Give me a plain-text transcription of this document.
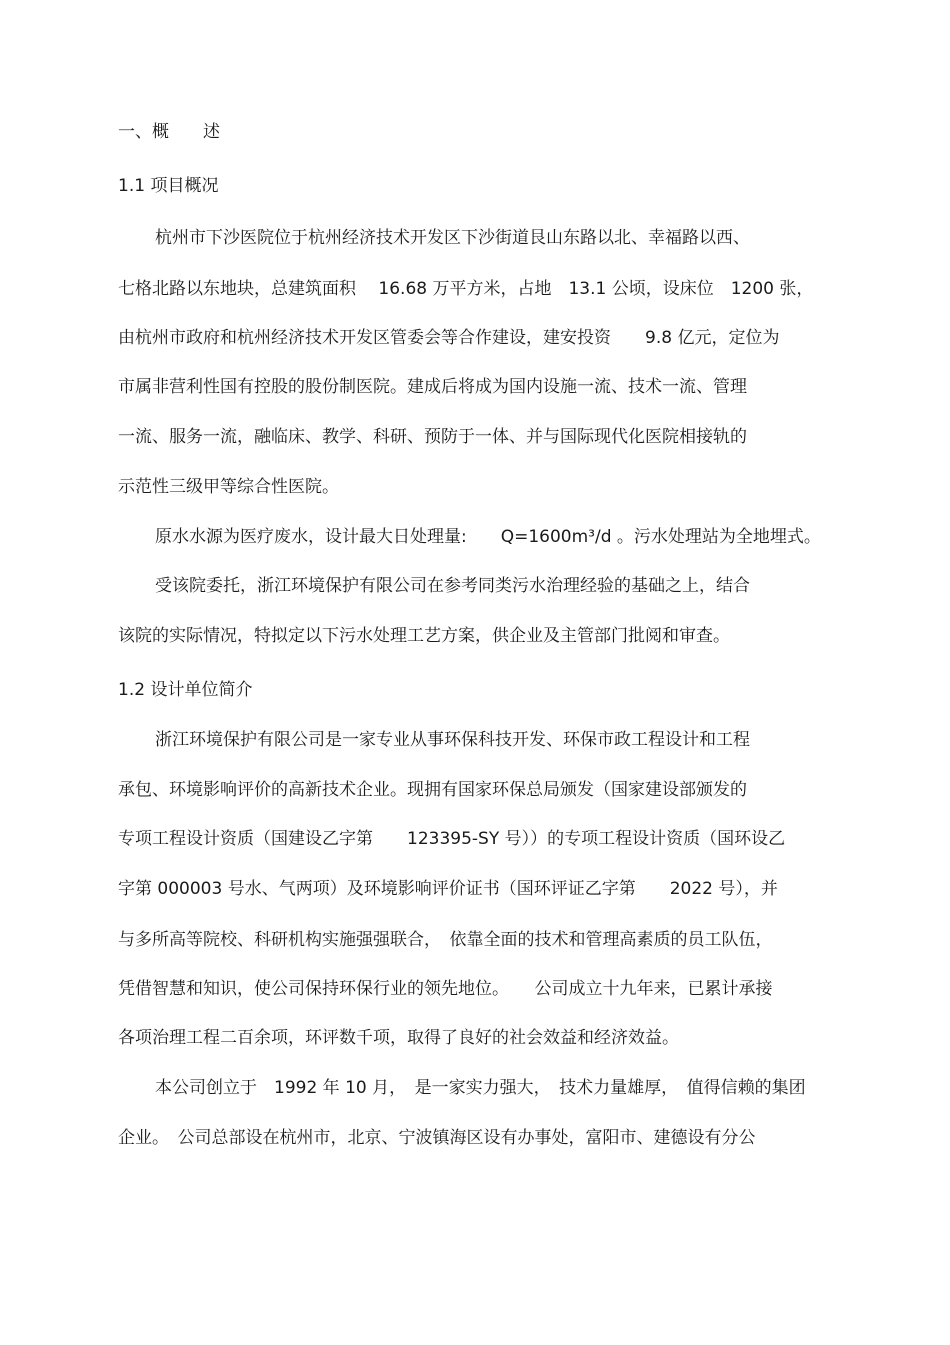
一、概　　述

1.1 项目概况

杭州市下沙医院位于杭州经济技术开发区下沙街道艮山东路以北、幸福路以西、

七格北路以东地块，总建筑面积　 16.68 万平方米，占地　13.1 公顷，设床位　1200 张，

由杭州市政府和杭州经济技术开发区管委会等合作建设，建安投资　　9.8 亿元，定位为

市属非营利性国有控股的股份制医院。建成后将成为国内设施一流、技术一流、管理

一流、服务一流，融临床、教学、科研、预防于一体、并与国际现代化医院相接轨的

示范性三级甲等综合性医院。

原水水源为医疗废水，设计最大日处理量:　　Q=1600m³/d 。污水处理站为全地埋式。

受该院委托，浙江环境保护有限公司在参考同类污水治理经验的基础之上，结合

该院的实际情况，特拟定以下污水处理工艺方案，供企业及主管部门批阅和审查。

1.2 设计单位简介

浙江环境保护有限公司是一家专业从事环保科技开发、环保市政工程设计和工程

承包、环境影响评价的高新技术企业。现拥有国家环保总局颁发（国家建设部颁发的

专项工程设计资质（国建设乙字第　　123395-SY 号））的专项工程设计资质（国环设乙

字第 000003 号水、气两项）及环境影响评价证书（国环评证乙字第　　2022 号），并

与多所高等院校、科研机构实施强强联合，　依靠全面的技术和管理高素质的员工队伍，

凭借智慧和知识，使公司保持环保行业的领先地位。　　公司成立十九年来，已累计承接

各项治理工程二百余项，环评数千项，取得了良好的社会效益和经济效益。

本公司创立于　1992 年 10 月，　是一家实力强大，　技术力量雄厚，　值得信赖的集团

企业。　公司总部设在杭州市，北京、宁波镇海区设有办事处，富阳市、建德设有分公
